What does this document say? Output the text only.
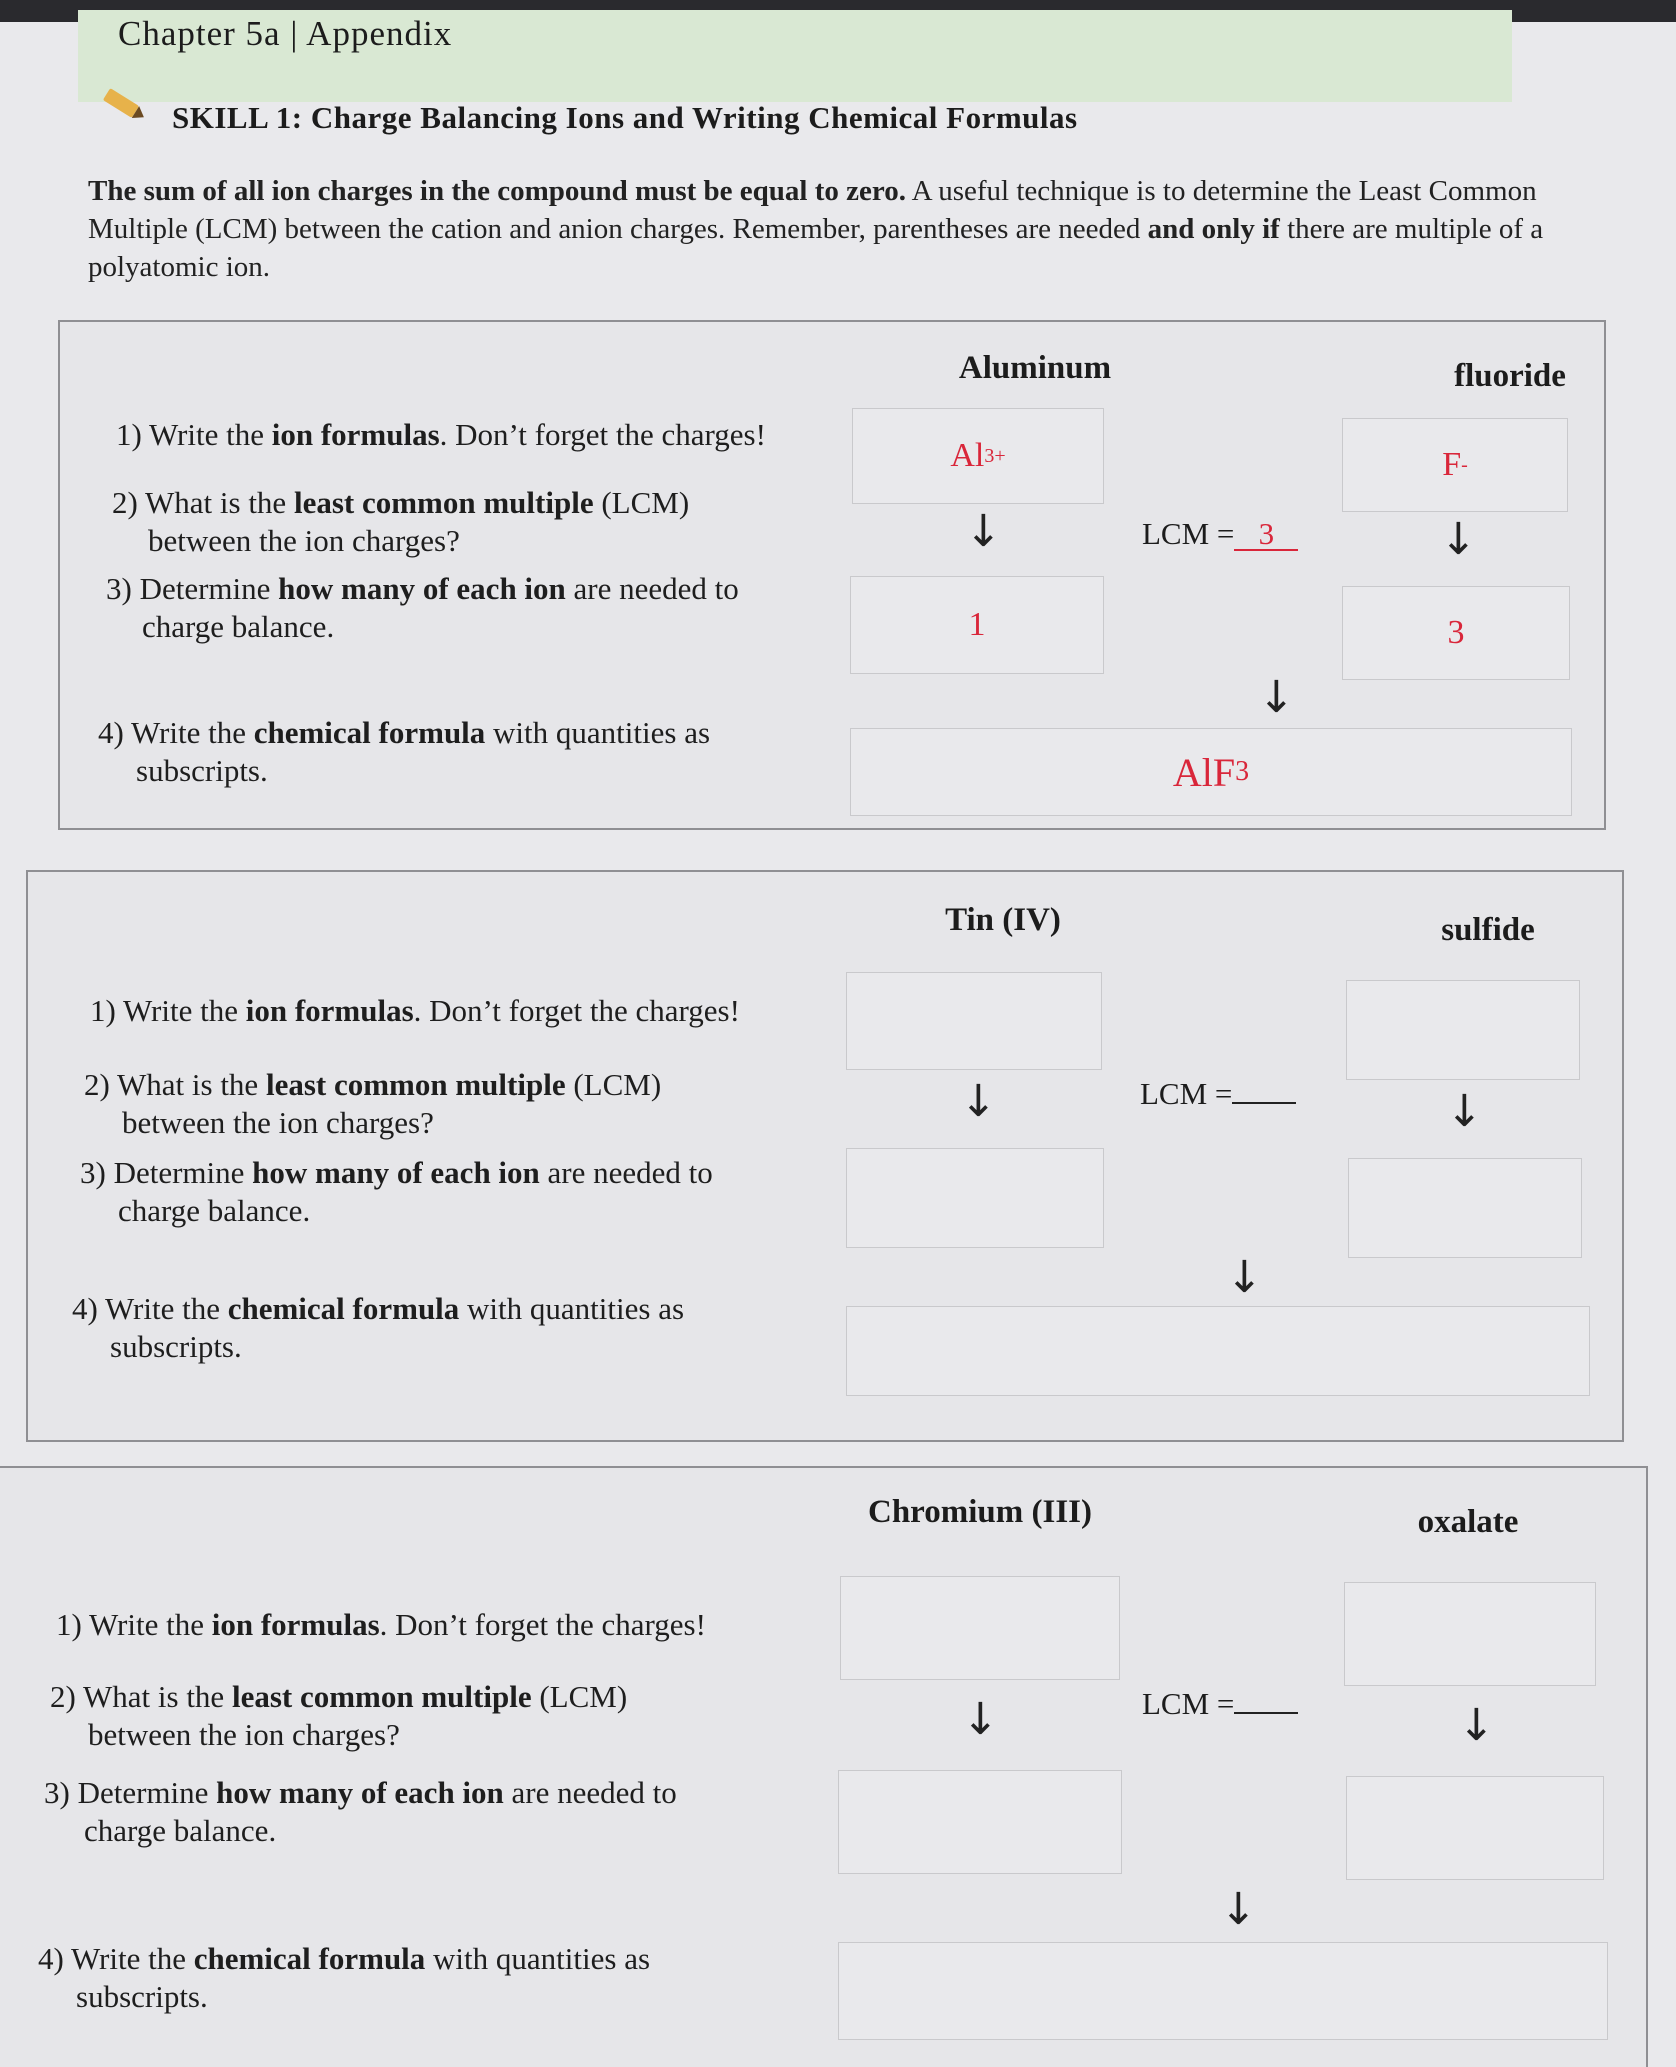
Chapter 5a | Appendix
SKILL 1: Charge Balancing Ions and Writing Chemical Formulas
The sum of all ion charges in the compound must be equal to zero. A useful technique is to determine the Least Common Multiple (LCM) between the cation and anion charges. Remember, parentheses are needed and only if there are multiple of a polyatomic ion.
Aluminum	fluoride
1) Write the ion formulas. Don’t forget the charges!
2) What is the least common multiple (LCM)
between the ion charges?
3) Determine how many of each ion are needed to
charge balance.
4) Write the chemical formula with quantities as
subscripts.
Al 3+	F -
↓	↓
LCM = 3
1	3
↓
AlF 3
Tin (IV)	sulfide
1) Write the ion formulas. Don’t forget the charges!
2) What is the least common multiple (LCM)
between the ion charges?
3) Determine how many of each ion are needed to
charge balance.
4) Write the chemical formula with quantities as
subscripts.
↓	↓
LCM =
↓
Chromium (III)	oxalate
1) Write the ion formulas. Don’t forget the charges!
2) What is the least common multiple (LCM)
between the ion charges?
3) Determine how many of each ion are needed to
charge balance.
4) Write the chemical formula with quantities as
subscripts.
↓	↓
LCM =
↓
